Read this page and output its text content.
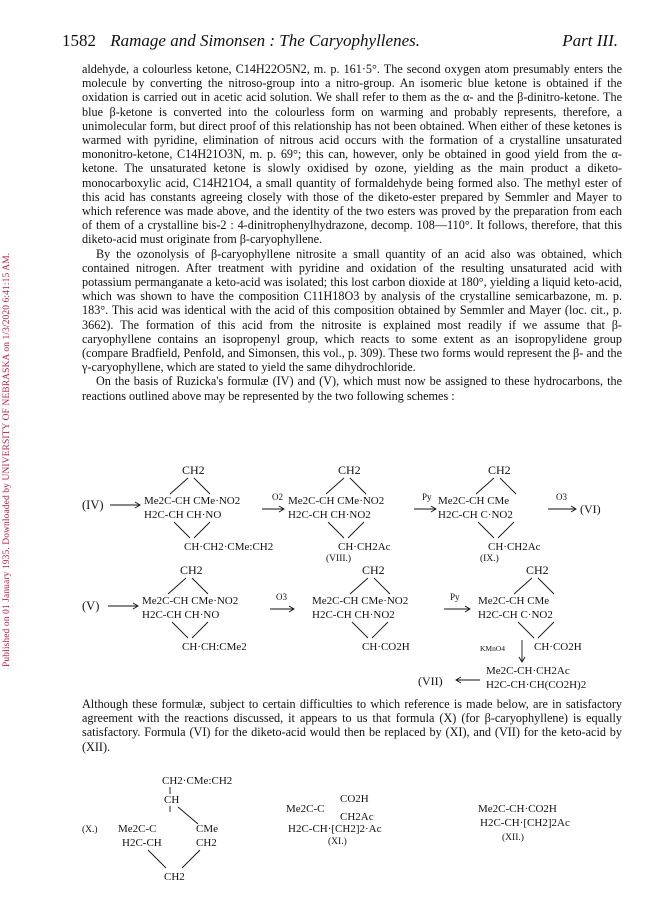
Published on 01 January 1935. Downloaded by UNIVERSITY OF NEBRASKA on 1/3/2020 6:41:15 AM.
1582 Ramage and Simonsen : The Caryophyllenes.	Part III.

aldehyde, a colourless ketone, C14H22O5N2, m. p. 161·5°. The second oxygen atom presumably enters the molecule by converting the nitroso-group into a nitro-group. An isomeric blue ketone is obtained if the oxidation is carried out in acetic acid solution. We shall refer to them as the α- and the β-dinitro-ketone. The blue β-ketone is converted into the colourless form on warming and probably represents, therefore, a unimolecular form, but direct proof of this relationship has not been obtained. When either of these ketones is warmed with pyridine, elimination of nitrous acid occurs with the formation of a crystalline unsaturated mononitro-ketone, C14H21O3N, m. p. 69°; this can, however, only be obtained in good yield from the α-ketone. The unsaturated ketone is slowly oxidised by ozone, yielding as the main product a diketo-monocarboxylic acid, C14H21O4, a small quantity of formaldehyde being formed also. The methyl ester of this acid has constants agreeing closely with those of the diketo-ester prepared by Semmler and Mayer to which reference was made above, and the identity of the two esters was proved by the preparation from each of them of a crystalline bis-2 : 4-dinitrophenylhydrazone, decomp. 108—110°. It follows, therefore, that this diketo-acid must originate from β-caryophyllene.

By the ozonolysis of β-caryophyllene nitrosite a small quantity of an acid also was obtained, which contained nitrogen. After treatment with pyridine and oxidation of the resulting unsaturated acid with potassium permanganate a keto-acid was isolated; this lost carbon dioxide at 180°, yielding a liquid keto-acid, which was shown to have the composition C11H18O3 by analysis of the crystalline semicarbazone, m. p. 183°. This acid was identical with the acid of this composition obtained by Semmler and Mayer (loc. cit., p. 3662). The formation of this acid from the nitrosite is explained most readily if we assume that β-caryophyllene contains an isopropenyl group, which reacts to some extent as an isopropylidene group (compare Bradfield, Penfold, and Simonsen, this vol., p. 309). These two forms would represent the β- and the γ-caryophyllene, which are stated to yield the same dihydrochloride.

On the basis of Ruzicka's formulæ (IV) and (V), which must now be assigned to these hydrocarbons, the reactions outlined above may be represented by the two following schemes :

(IV)
CH2
Me2C-CH CMe·NO2
H2C-CH CH·NO
CH·CH2·CMe:CH2
O2
CH2
Me2C-CH CMe·NO2
H2C-CH CH·NO2
CH·CH2Ac
(VIII.)
Py
CH2
Me2C-CH CMe
H2C-CH C·NO2
CH·CH2Ac
(IX.)
O3
(VI)
(V)
CH2
Me2C-CH CMe·NO2
H2C-CH CH·NO
CH·CH:CMe2
O3
CH2
Me2C-CH CMe·NO2
H2C-CH CH·NO2
CH·CO2H
Py
CH2
Me2C-CH CMe
H2C-CH C·NO2
CH·CO2H
KMnO4
(VII)
Me2C-CH·CH2Ac
H2C-CH·CH(CO2H)2
Although these formulæ, subject to certain difficulties to which reference is made below, are in satisfactory agreement with the reactions discussed, it appears to us that formula (X) (for β-caryophyllene) is equally satisfactory. Formula (VI) for the diketo-acid would then be replaced by (XI), and (VII) for the keto-acid by (XII).
CH2·CMe:CH2
CH
(X.) Me2C-C	CMe
H2C-CH	CH2
CH2
CO2H
Me2C-C
CH2Ac
H2C-CH·[CH2]2·Ac
(XI.)
Me2C-CH·CO2H
H2C-CH·[CH2]2Ac
(XII.)
